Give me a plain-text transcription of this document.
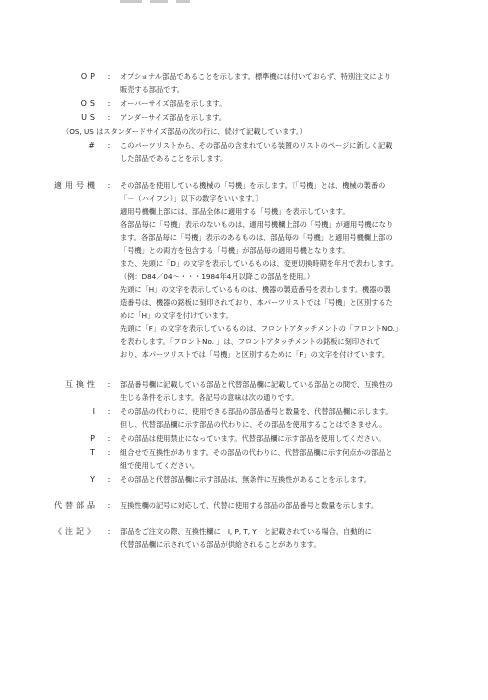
OP	:	オプショナル部品であることを示します。標準機には付いておらず、特別注文により
販売する部品です。
OS	:	オーバーサイズ部品を示します。
US	:	アンダーサイズ部品を示します。
（OS, US はスタンダードサイズ部品の次の行に、続けて記載しています。）
#	:	このパーツリストから、その部品の含まれている装置のリストのページに新しく記載
した部品であることを示します。
適用号機	:	その部品を使用している機械の「号機」を示します。〔「号機」とは、機械の製番の
「－（ハイフン）」以下の数字をいいます。〕
適用号機欄上部には、部品全体に適用する「号機」を表示しています。
各部品毎に「号機」表示のないものは、適用号機欄上部の「号機」が適用号機になり
ます。各部品毎に「号機」表示のあるものは、部品毎の「号機」と適用号機欄上部の
「号機」との両方を包含する「号機」が部品毎の適用号機となります。
また、先頭に「D」の文字を表示しているものは、変更切換時期を年月で表わします。
（例：D84／04～・・・1984年4月以降この部品を使用。）
先頭に「H」の文字を表示しているものは、機器の製造番号を表わします。機器の製
造番号は、機器の銘板に刻印されており、本パーツリストでは「号機」と区別するた
めに「H」の文字を付けています。
先頭に「F」の文字を表示しているものは、フロントアタッチメントの「フロントNO.」
を表わします。「フロントNo. 」は、フロントアタッチメントの銘板に刻印されて
おり、本パーツリストでは「号機」と区別するために「F」の文字を付けています。
互換性	:	部品番号欄に記載している部品と代替部品欄に記載している部品との間で、互換性の
生じる条件を示します。各記号の意味は次の通りです。
I	:	その部品の代わりに、使用できる部品の部品番号と数量を、代替部品欄に示します。
但し、代替部品欄に示す部品の代わりに、その部品を使用することはできません。
P	:	その部品は使用禁止になっています。代替部品欄に示す部品を使用してください。
T	:	組合せで互換性があります。その部品の代わりに、代替部品欄に示す何点かの部品と
組で使用してください。
Y	:	その部品と代替部品欄に示す部品は、無条件に互換性があることを示します。
代替部品	:	互換性欄の記号に対応して、代替に使用する部品の部品番号と数量を示します。
《注記》	:	部品をご注文の際、互換性欄に　I, P, T, Y　と記載されている場合、自動的に
代替部品欄に示されている部品が供給されることがあります。
